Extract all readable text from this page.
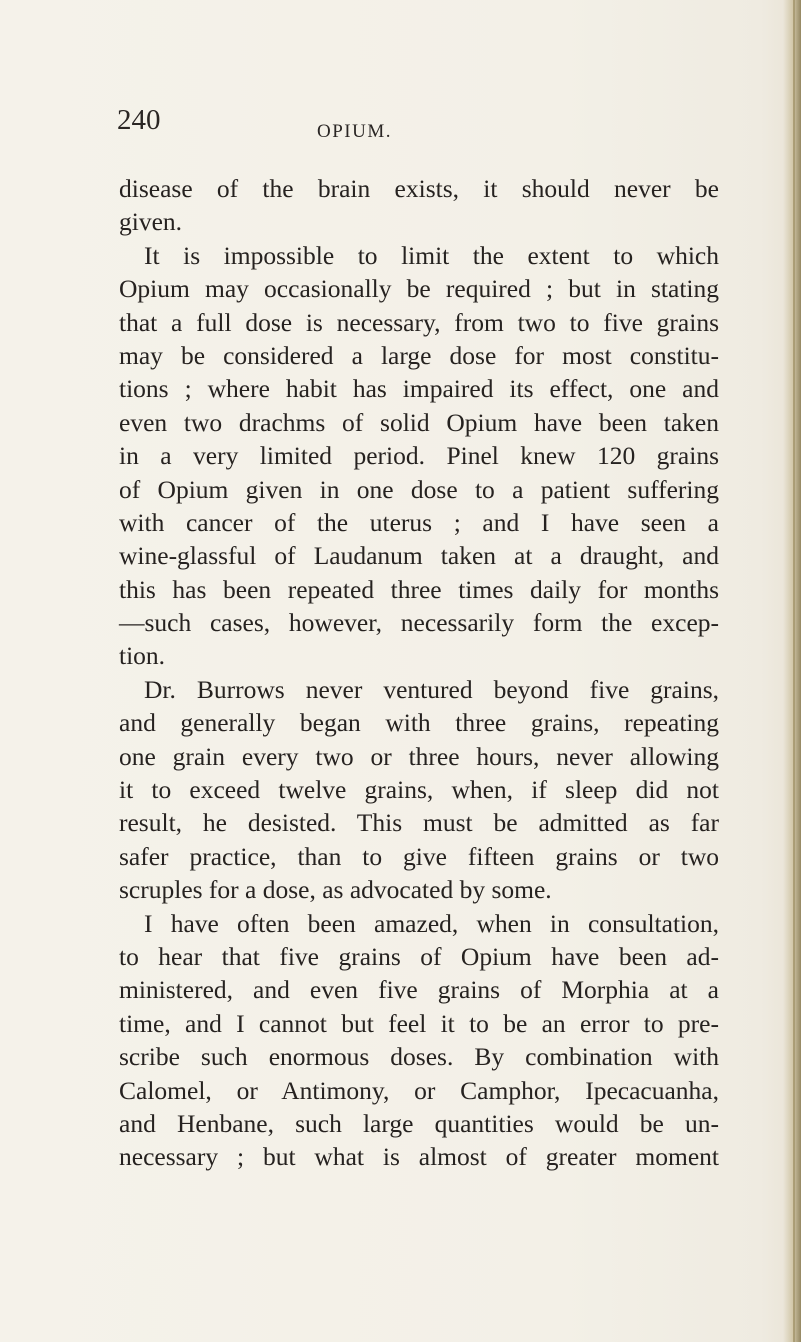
240	OPIUM.
disease of the brain exists, it should never be
given.
It is impossible to limit the extent to which
Opium may occasionally be required ; but in stating
that a full dose is necessary, from two to five grains
may be considered a large dose for most constitu-
tions ; where habit has impaired its effect, one and
even two drachms of solid Opium have been taken
in a very limited period. Pinel knew 120 grains
of Opium given in one dose to a patient suffering
with cancer of the uterus ; and I have seen a
wine-glassful of Laudanum taken at a draught, and
this has been repeated three times daily for months
—such cases, however, necessarily form the excep-
tion.
Dr. Burrows never ventured beyond five grains,
and generally began with three grains, repeating
one grain every two or three hours, never allowing
it to exceed twelve grains, when, if sleep did not
result, he desisted. This must be admitted as far
safer practice, than to give fifteen grains or two
scruples for a dose, as advocated by some.
I have often been amazed, when in consultation,
to hear that five grains of Opium have been ad-
ministered, and even five grains of Morphia at a
time, and I cannot but feel it to be an error to pre-
scribe such enormous doses. By combination with
Calomel, or Antimony, or Camphor, Ipecacuanha,
and Henbane, such large quantities would be un-
necessary ; but what is almost of greater moment
